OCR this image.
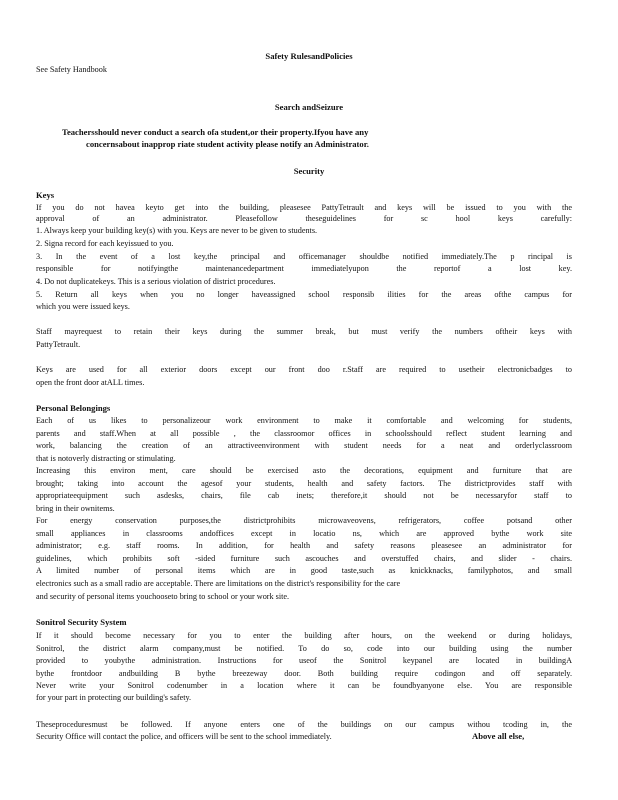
Safety RulesandPolicies
See Safety Handbook
Search andSeizure
Teachersshould never conduct a search ofa student,or their property.Ifyou have any
concernsabout inapprop riate student activity please notify an Administrator.
Security
Keys
If you do not havea keyto get into the building, pleasesee PattyTetrault and keys will be issued to you with the
approval of an administrator. Pleasefollow theseguidelines for sc hool keys carefully:
1. Always keep your building key(s) with you. Keys are never to be given to students.
2. Signa record for each keyissued to you.
3. In the event of a lost key,the principal and officemanager shouldbe notified immediately.The p rincipal is
responsible for notifyingthe maintenancedepartment immediatelyupon the reportof a lost key.
4. Do not duplicatekeys. This is a serious violation of district procedures.
5. Return all keys when you no longer haveassigned school responsib ilities for the areas ofthe campus for
which you were issued keys.
Staff mayrequest to retain their keys during the summer break, but must verify the numbers oftheir keys with
PattyTetrault.
Keys are used for all exterior doors except our front doo r.Staff are required to usetheir electronicbadges to
open the front door atALL times.
Personal Belongings
Each of us likes to personalizeour work environment to make it comfortable and welcoming for students,
parents and staff.When at all possible , the classroomor offices in schoolsshould reflect student learning and
work, balancing the creation of an attractiveenvironment with student needs for a neat and orderlyclassroom
that is notoverly distracting or stimulating.
Increasing this environ ment, care should be exercised asto the decorations, equipment and furniture that are
brought; taking into account the agesof your students, health and safety factors. The districtprovides staff with
appropriateequipment such asdesks, chairs, file cab inets; therefore,it should not be necessaryfor staff to
bring in their ownitems.
For energy conservation purposes,the districtprohibits microwaveovens, refrigerators, coffee potsand other
small appliances in classrooms andoffices except in locatio ns, which are approved bythe work site
administrator; e.g. staff rooms. In addition, for health and safety reasons pleasesee an administrator for
guidelines, which prohibits soft -sided furniture such ascouches and overstuffed chairs, and slider - chairs.
A limited number of personal items which are in good taste,such as knickknacks, familyphotos, and small
electronics such as a small radio are acceptable. There are limitations on the district's responsibility for the care
and security of personal items youchooseto bring to school or your work site.
Sonitrol Security System
If it should become necessary for you to enter the building after hours, on the weekend or during holidays,
Sonitrol, the district alarm company,must be notified. To do so, code into our building using the number
provided to youbythe administration. Instructions for useof the Sonitrol keypanel are located in buildingA
bythe frontdoor andbuilding B bythe breezeway door. Both building require codingon and off separately.
Never write your Sonitrol codenumber in a location where it can be foundbyanyone else. You are responsible
for your part in protecting our building's safety.
Theseproceduresmust be followed. If anyone enters one of the buildings on our campus withou tcoding in, the
Security Office will contact the police, and officers will be sent to the school immediately.	Above all else,
